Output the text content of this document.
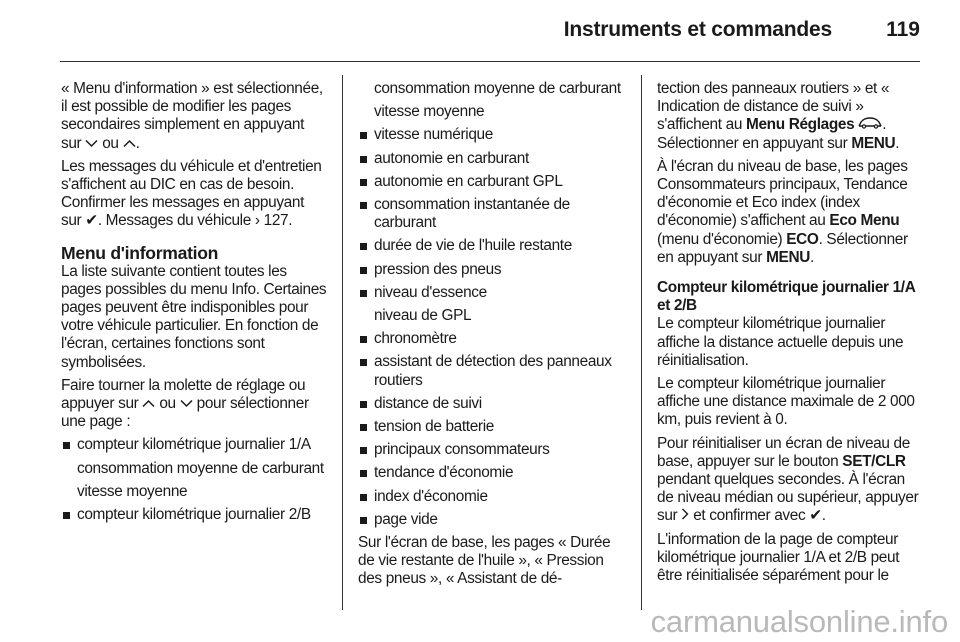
Instruments et commandes	119

« Menu d'information » est sélectionnée, il est possible de modifier les pages secondaires simplement en appuyant sur ou .

Les messages du véhicule et d'entretien s'affichent au DIC en cas de besoin. Confirmer les messages en appuyant sur ✔. Messages du véhicule › 127.

Menu d'information

La liste suivante contient toutes les pages possibles du menu Info. Certaines pages peuvent être indisponibles pour votre véhicule particulier. En fonction de l'écran, certaines fonctions sont symbolisées.

Faire tourner la molette de réglage ou appuyer sur ou pour sélectionner une page :

compteur kilométrique journalier 1/A
consommation moyenne de carburant
vitesse moyenne
compteur kilométrique journalier 2/B
consommation moyenne de carburant
vitesse moyenne
vitesse numérique
autonomie en carburant
autonomie en carburant GPL
consommation instantanée de carburant
durée de vie de l'huile restante
pression des pneus
niveau d'essence
niveau de GPL
chronomètre
assistant de détection des panneaux routiers
distance de suivi
tension de batterie
principaux consommateurs
tendance d'économie
index d'économie
page vide

Sur l'écran de base, les pages « Durée de vie restante de l'huile », « Pression des pneus », « Assistant de dé-

tection des panneaux routiers » et « Indication de distance de suivi » s'affichent au Menu Réglages . Sélectionner en appuyant sur MENU.

À l'écran du niveau de base, les pages Consommateurs principaux, Tendance d'économie et Eco index (index d'économie) s'affichent au Eco Menu (menu d'économie) ECO. Sélectionner en appuyant sur MENU.

Compteur kilométrique journalier 1/A et 2/B

Le compteur kilométrique journalier affiche la distance actuelle depuis une réinitialisation.

Le compteur kilométrique journalier affiche une distance maximale de 2 000 km, puis revient à 0.

Pour réinitialiser un écran de niveau de base, appuyer sur le bouton SET/CLR pendant quelques secondes. À l'écran de niveau médian ou supérieur, appuyer sur et confirmer avec ✔.

L'information de la page de compteur kilométrique journalier 1/A et 2/B peut être réinitialisée séparément pour le

carmanualsonline.info
